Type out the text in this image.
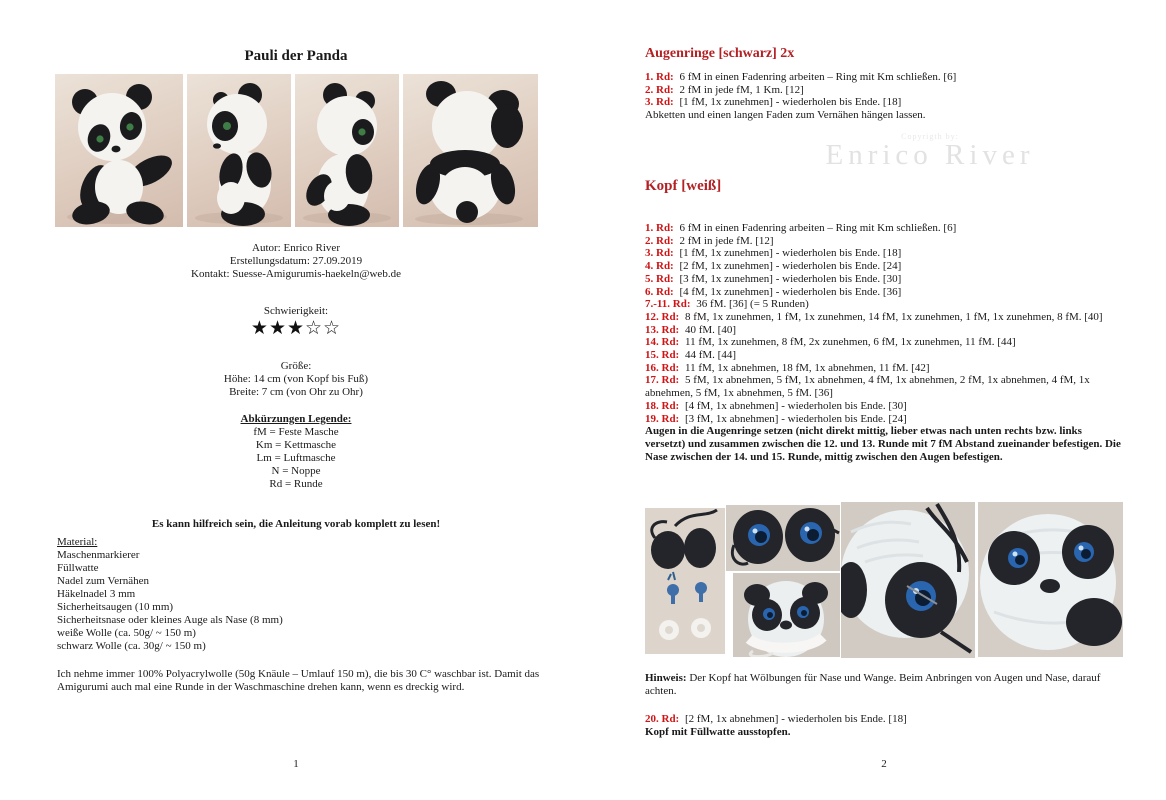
Pauli der Panda
Autor: Enrico River
Erstellungsdatum: 27.09.2019
Kontakt: Suesse-Amigurumis-haekeln@web.de
Schwierigkeit:
★★★☆☆
Größe:
Höhe: 14 cm (von Kopf bis Fuß)
Breite: 7 cm (von Ohr zu Ohr)
Abkürzungen Legende:
fM = Feste Masche
Km = Kettmasche
Lm = Luftmasche
N = Noppe
Rd = Runde
Es kann hilfreich sein, die Anleitung vorab komplett zu lesen!
Material:
Maschenmarkierer
Füllwatte
Nadel zum Vernähen
Häkelnadel 3 mm
Sicherheitsaugen (10 mm)
Sicherheitsnase oder kleines Auge als Nase (8 mm)
weiße Wolle (ca. 50g/ ~ 150 m)
schwarz Wolle (ca. 30g/ ~ 150 m)
Ich nehme immer 100% Polyacrylwolle (50g Knäule – Umlauf 150 m), die bis 30 C° waschbar ist. Damit das Amigurumi auch mal eine Runde in der Waschmaschine drehen kann, wenn es dreckig wird.
1
Augenringe [schwarz] 2x
1. Rd: 6 fM in einen Fadenring arbeiten – Ring mit Km schließen. [6]
2. Rd: 2 fM in jede fM, 1 Km. [12]
3. Rd: [1 fM, 1x zunehmen] - wiederholen bis Ende. [18]
Abketten und einen langen Faden zum Vernähen hängen lassen.
Copyrigth by:
Enrico River
Kopf [weiß]
1. Rd: 6 fM in einen Fadenring arbeiten – Ring mit Km schließen. [6]
2. Rd: 2 fM in jede fM. [12]
3. Rd: [1 fM, 1x zunehmen] - wiederholen bis Ende. [18]
4. Rd: [2 fM, 1x zunehmen] - wiederholen bis Ende. [24]
5. Rd: [3 fM, 1x zunehmen] - wiederholen bis Ende. [30]
6. Rd: [4 fM, 1x zunehmen] - wiederholen bis Ende. [36]
7.-11. Rd: 36 fM. [36] (= 5 Runden)
12. Rd: 8 fM, 1x zunehmen, 1 fM, 1x zunehmen, 14 fM, 1x zunehmen, 1 fM, 1x zunehmen, 8 fM. [40]
13. Rd: 40 fM. [40]
14. Rd: 11 fM, 1x zunehmen, 8 fM, 2x zunehmen, 6 fM, 1x zunehmen, 11 fM. [44]
15. Rd: 44 fM. [44]
16. Rd: 11 fM, 1x abnehmen, 18 fM, 1x abnehmen, 11 fM. [42]
17. Rd: 5 fM, 1x abnehmen, 5 fM, 1x abnehmen, 4 fM, 1x abnehmen, 2 fM, 1x abnehmen, 4 fM, 1x abnehmen, 5 fM, 1x abnehmen, 5 fM. [36]
18. Rd: [4 fM, 1x abnehmen] - wiederholen bis Ende. [30]
19. Rd: [3 fM, 1x abnehmen] - wiederholen bis Ende. [24]
Augen in die Augenringe setzen (nicht direkt mittig, lieber etwas nach unten rechts bzw. links versetzt) und zusammen zwischen die 12. und 13. Runde mit 7 fM Abstand zueinander befestigen. Die Nase zwischen der 14. und 15. Runde, mittig zwischen den Augen befestigen.
Hinweis: Der Kopf hat Wölbungen für Nase und Wange. Beim Anbringen von Augen und Nase, darauf achten.
20. Rd: [2 fM, 1x abnehmen] - wiederholen bis Ende. [18]
Kopf mit Füllwatte ausstopfen.
2
